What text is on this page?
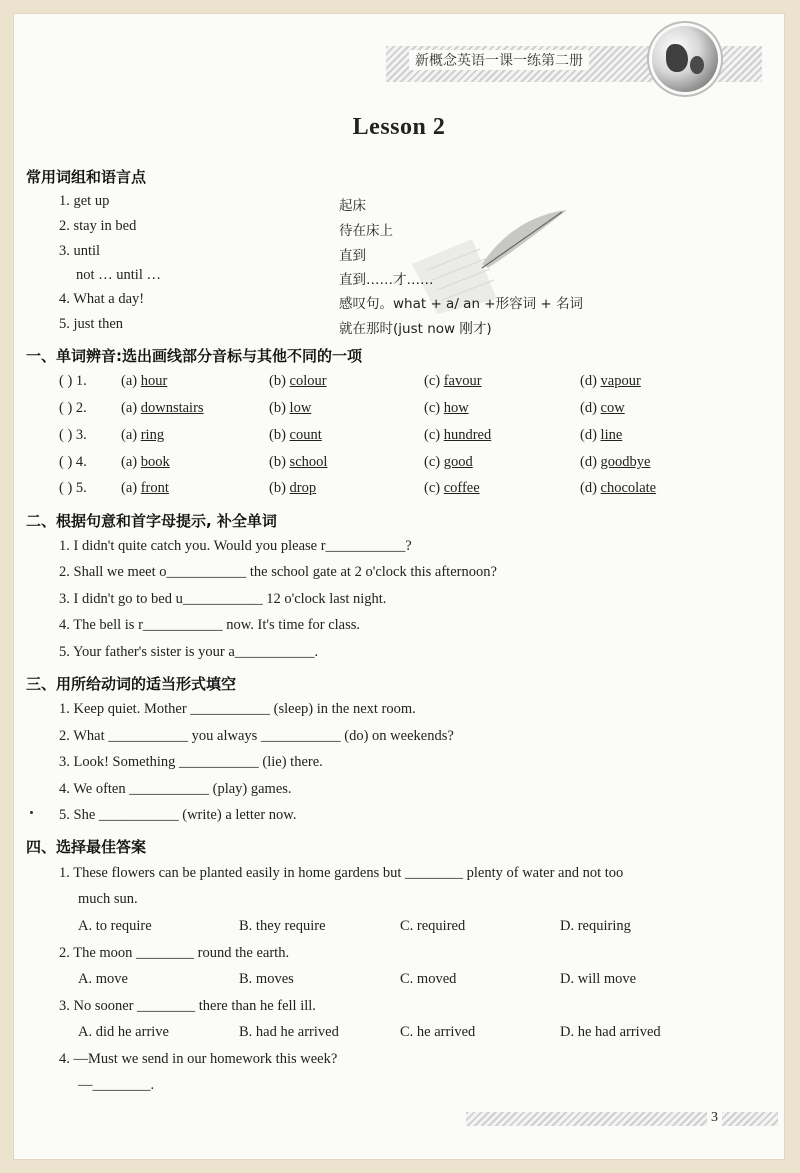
新概念英语一课一练第二册
Lesson 2
常用词组和语言点
1. get up	起床
2. stay in bed	待在床上
3. until	直到
not … until …	直到……才……
4. What a day!	感叹句。what + a/ an +形容词 + 名词
5. just then	就在那时(just now 刚才)
一、单词辨音:选出画线部分音标与其他不同的一项
( ) 1. (a) hour	(b) colour	(c) favour	(d) vapour
( ) 2. (a) downstairs	(b) low	(c) how	(d) cow
( ) 3. (a) ring	(b) count	(c) hundred	(d) line
( ) 4. (a) book	(b) school	(c) good	(d) goodbye
( ) 5. (a) front	(b) drop	(c) coffee	(d) chocolate
二、根据句意和首字母提示, 补全单词
1. I didn't quite catch you. Would you please r___________?
2. Shall we meet o___________ the school gate at 2 o'clock this afternoon?
3. I didn't go to bed u___________ 12 o'clock last night.
4. The bell is r___________ now. It's time for class.
5. Your father's sister is your a___________.
三、用所给动词的适当形式填空
1. Keep quiet. Mother ___________ (sleep) in the next room.
2. What ___________ you always ___________ (do) on weekends?
3. Look! Something ___________ (lie) there.
4. We often ___________ (play) games.
5. She ___________ (write) a letter now.
四、选择最佳答案
1. These flowers can be planted easily in home gardens but ________ plenty of water and not too
much sun.
A. to require	B. they require	C. required	D. requiring
2. The moon ________ round the earth.
A. move	B. moves	C. moved	D. will move
3. No sooner ________ there than he fell ill.
A. did he arrive	B. had he arrived	C. he arrived	D. he had arrived
4. —Must we send in our homework this week?
—________.
3
